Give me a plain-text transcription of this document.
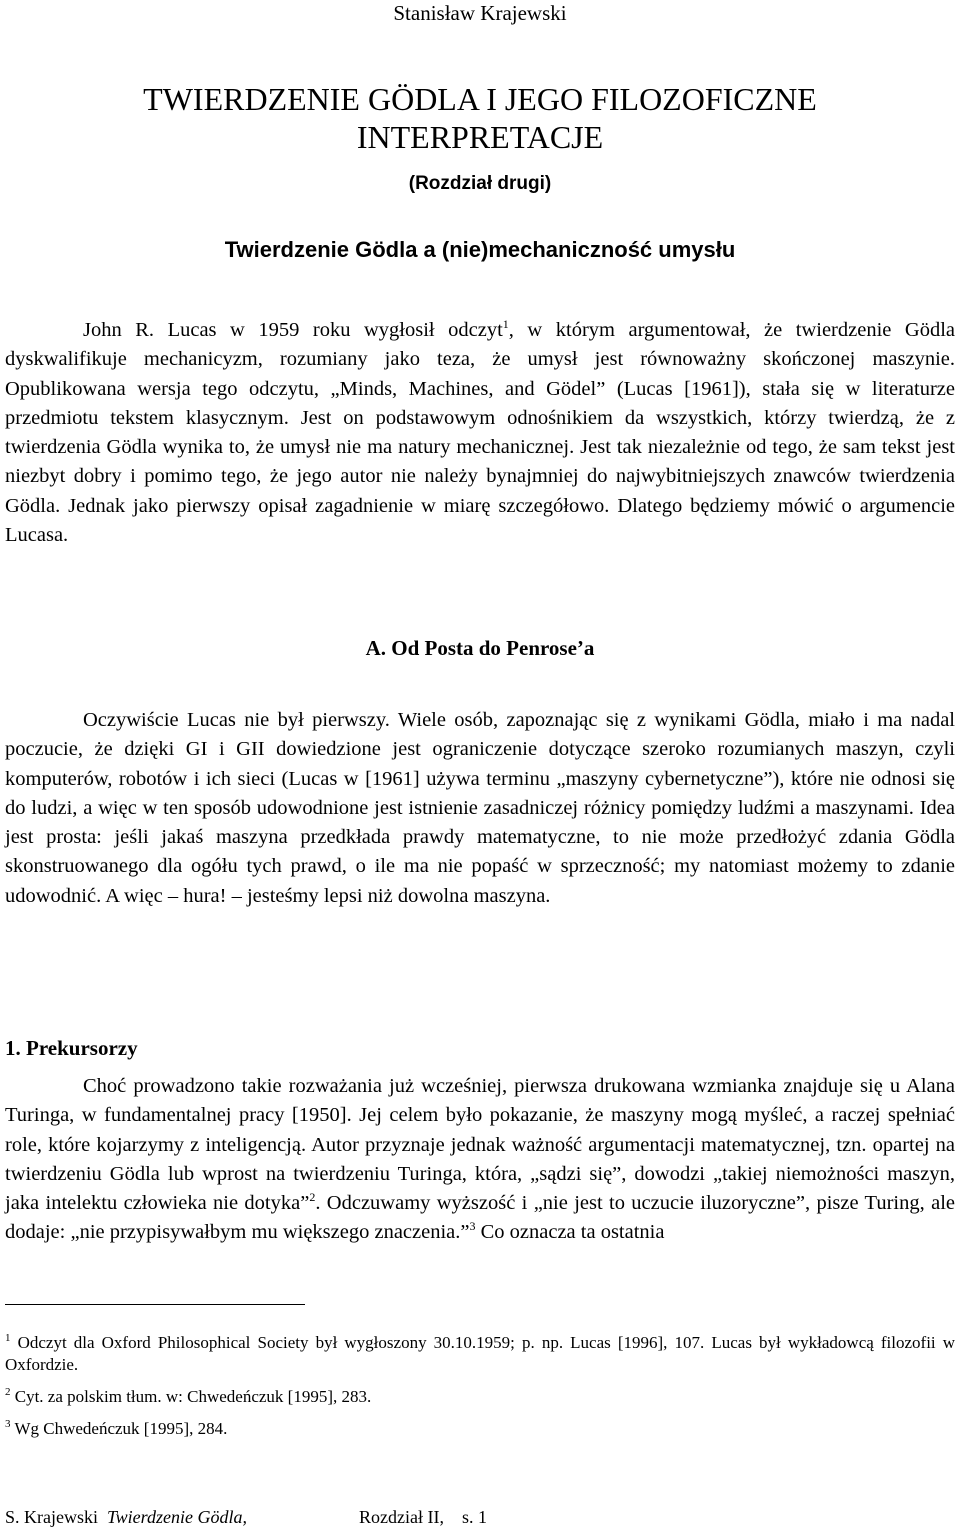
Stanisław Krajewski
TWIERDZENIE GÖDLA I JEGO FILOZOFICZNE INTERPRETACJE
(Rozdział drugi)
Twierdzenie Gödla a (nie)mechaniczność umysłu

John R. Lucas w 1959 roku wygłosił odczyt$^1$, w którym argumentował, że twierdzenie Gödla dyskwalifikuje mechanicyzm, rozumiany jako teza, że umysł jest równoważny skończonej maszynie. Opublikowana wersja tego odczytu, „Minds, Machines, and Gödel” (Lucas [1961]), stała się w literaturze przedmiotu tekstem klasycznym. Jest on podstawowym odnośnikiem da wszystkich, którzy twierdzą, że z twierdzenia Gödla wynika to, że umysł nie ma natury mechanicznej. Jest tak niezależnie od tego, że sam tekst jest niezbyt dobry i pomimo tego, że jego autor nie należy bynajmniej do najwybitniejszych znawców twierdzenia Gödla. Jednak jako pierwszy opisał zagadnienie w miarę szczegółowo. Dlatego będziemy mówić o argumencie Lucasa.

A. Od Posta do Penrose’a

Oczywiście Lucas nie był pierwszy. Wiele osób, zapoznając się z wynikami Gödla, miało i ma nadal poczucie, że dzięki GI i GII dowiedzione jest ograniczenie dotyczące szeroko rozumianych maszyn, czyli komputerów, robotów i ich sieci (Lucas w [1961] używa terminu „maszyny cybernetyczne”), które nie odnosi się do ludzi, a więc w ten sposób udowodnione jest istnienie zasadniczej różnicy pomiędzy ludźmi a maszynami. Idea jest prosta: jeśli jakaś maszyna przedkłada prawdy matematyczne, to nie może przedłożyć zdania Gödla skonstruowanego dla ogółu tych prawd, o ile ma nie popaść w sprzeczność; my natomiast możemy to zdanie udowodnić. A więc – hura! – jesteśmy lepsi niż dowolna maszyna.

1. Prekursorzy

Choć prowadzono takie rozważania już wcześniej, pierwsza drukowana wzmianka znajduje się u Alana Turinga, w fundamentalnej pracy [1950]. Jej celem było pokazanie, że maszyny mogą myśleć, a raczej spełniać role, które kojarzymy z inteligencją. Autor przyznaje jednak ważność argumentacji matematycznej, tzn. opartej na twierdzeniu Gödla lub wprost na twierdzeniu Turinga, która, „sądzi się”, dowodzi „takiej niemożności maszyn, jaka intelektu człowieka nie dotyka”$^2$. Odczuwamy wyższość i „nie jest to uczucie iluzoryczne”, pisze Turing, ale dodaje: „nie przypisywałbym mu większego znaczenia.”$^3$ Co oznacza ta ostatnia

$^1$ Odczyt dla Oxford Philosophical Society był wygłoszony 30.10.1959; p. np. Lucas [1996], 107. Lucas był wykładowcą filozofii w Oxfordzie.
$^2$ Cyt. za polskim tłum. w: Chwedeńczuk [1995], 283.
$^3$ Wg Chwedeńczuk [1995], 284.
S. Krajewski Twierdzenie Gödla,	Rozdział II, s. 1
